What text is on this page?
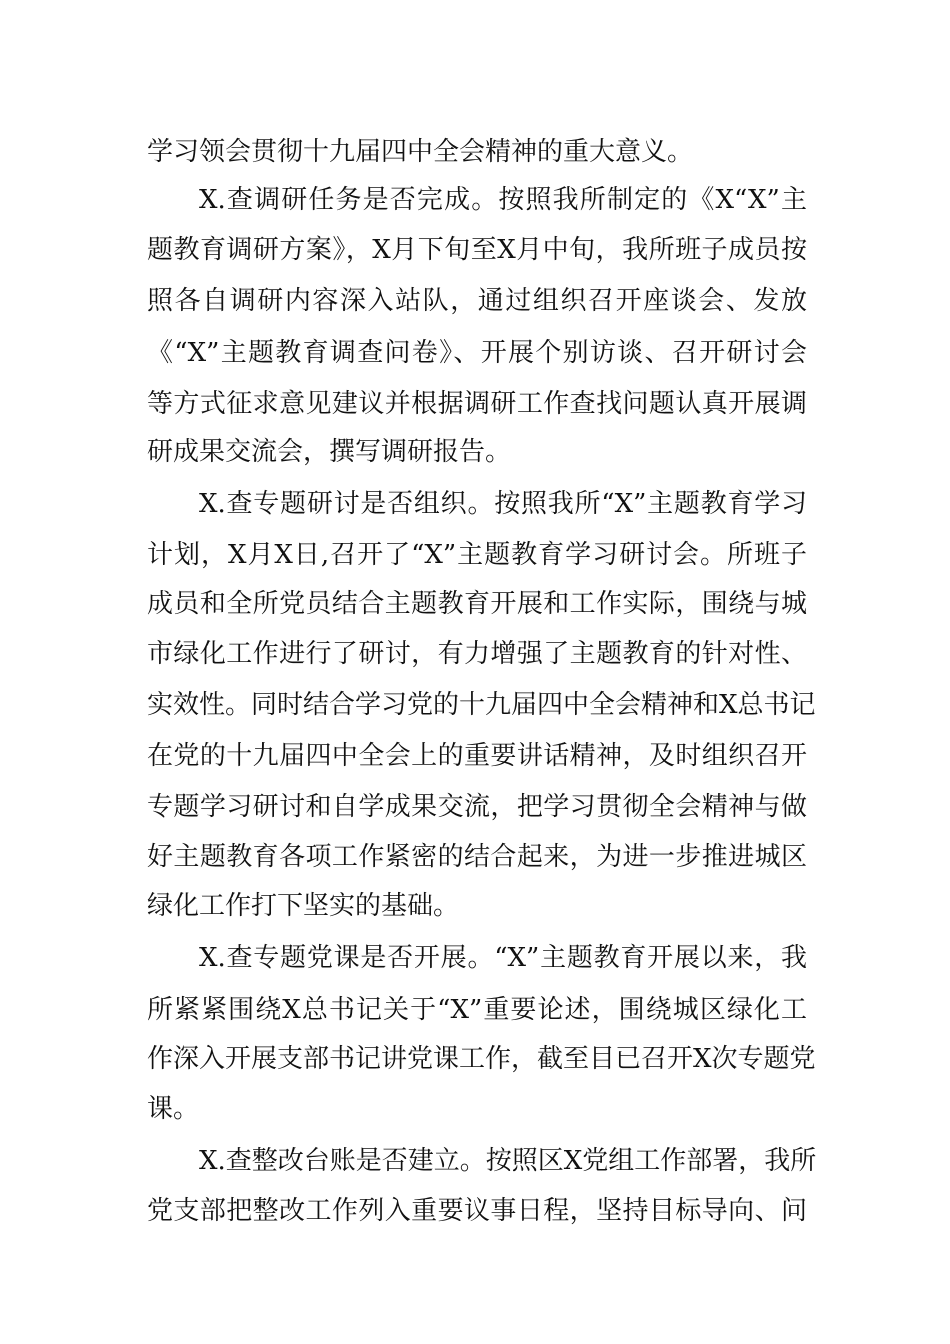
学习领会贯彻十九届四中全会精神的重大意义。
X.查调研任务是否完成。按照我所制定的《X“X”主
题教育调研方案》，X月下旬至X月中旬，我所班子成员按
照各自调研内容深入站队，通过组织召开座谈会、发放
《“X”主题教育调查问卷》、开展个别访谈、召开研讨会
等方式征求意见建议并根据调研工作查找问题认真开展调
研成果交流会，撰写调研报告。
X.查专题研讨是否组织。按照我所“X”主题教育学习
计划，X月X日,召开了“X”主题教育学习研讨会。所班子
成员和全所党员结合主题教育开展和工作实际，围绕与城
市绿化工作进行了研讨，有力增强了主题教育的针对性、
实效性。同时结合学习党的十九届四中全会精神和X总书记
在党的十九届四中全会上的重要讲话精神，及时组织召开
专题学习研讨和自学成果交流，把学习贯彻全会精神与做
好主题教育各项工作紧密的结合起来，为进一步推进城区
绿化工作打下坚实的基础。
X.查专题党课是否开展。“X”主题教育开展以来，我
所紧紧围绕X总书记关于“X”重要论述，围绕城区绿化工
作深入开展支部书记讲党课工作，截至目已召开X次专题党
课。
X.查整改台账是否建立。按照区X党组工作部署，我所
党支部把整改工作列入重要议事日程，坚持目标导向、问
